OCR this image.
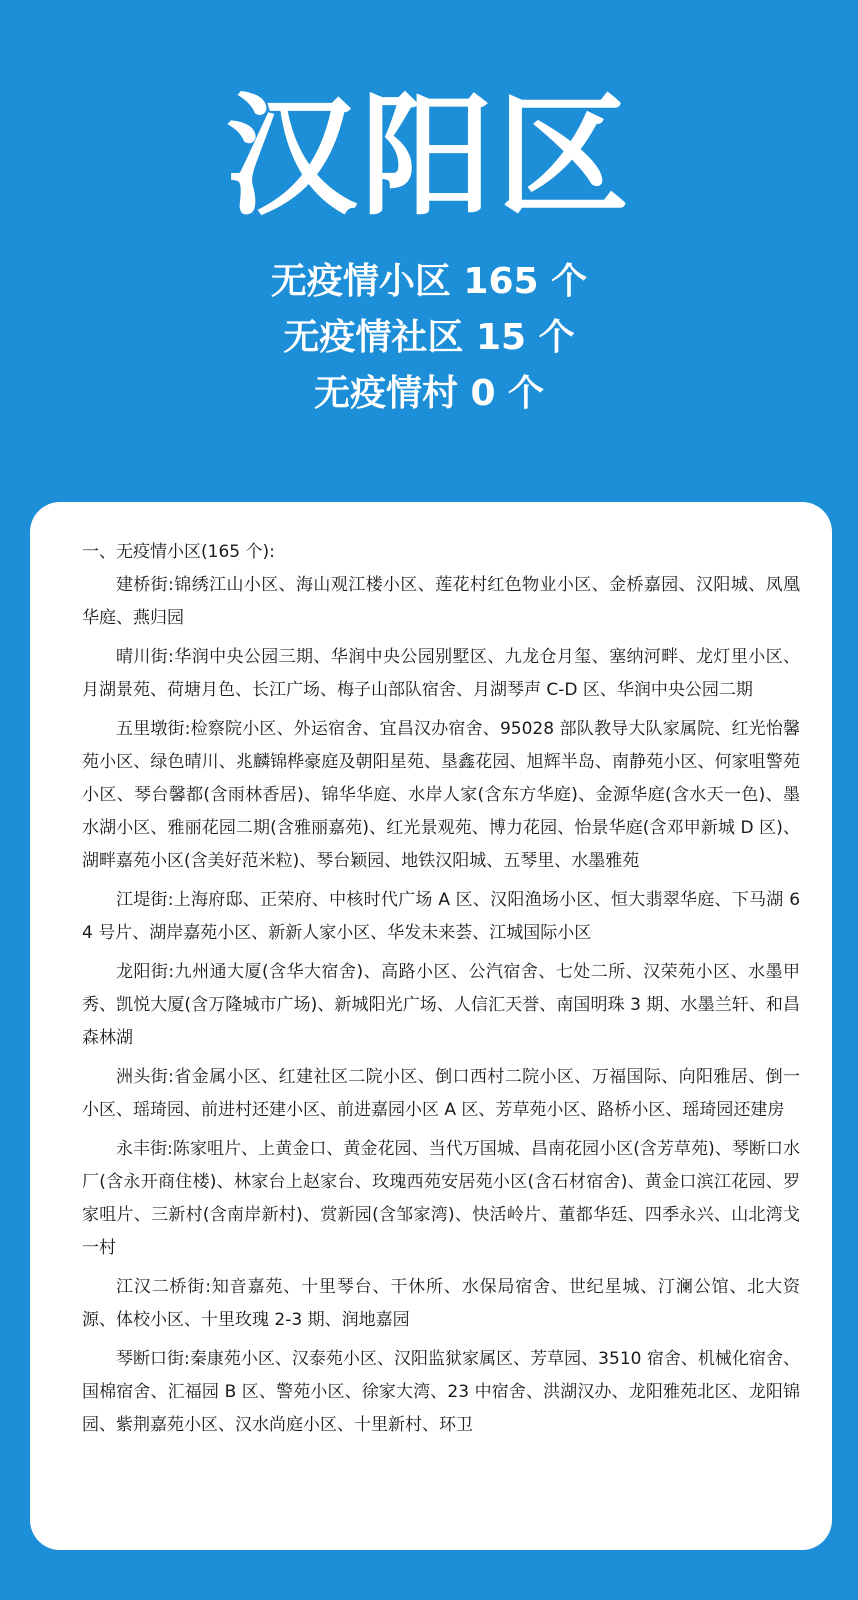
汉阳区
无疫情小区 165 个
无疫情社区 15 个
无疫情村 0 个

一、无疫情小区(165 个):

建桥街:锦绣江山小区、海山观江楼小区、莲花村红色物业小区、金桥嘉园、汉阳城、凤凰华庭、燕归园

晴川街:华润中央公园三期、华润中央公园别墅区、九龙仓月玺、塞纳河畔、龙灯里小区、月湖景苑、荷塘月色、长江广场、梅子山部队宿舍、月湖琴声 C-D 区、华润中央公园二期

五里墩街:检察院小区、外运宿舍、宜昌汉办宿舍、95028 部队教导大队家属院、红光怡馨苑小区、绿色晴川、兆麟锦桦豪庭及朝阳星苑、垦鑫花园、旭辉半岛、南静苑小区、何家咀警苑小区、琴台馨都(含雨林香居)、锦华华庭、水岸人家(含东方华庭)、金源华庭(含水天一色)、墨水湖小区、雅丽花园二期(含雅丽嘉苑)、红光景观苑、博力花园、怡景华庭(含邓甲新城 D 区)、湖畔嘉苑小区(含美好范米粒)、琴台颖园、地铁汉阳城、五琴里、水墨雅苑

江堤街:上海府邸、正荣府、中核时代广场 A 区、汉阳渔场小区、恒大翡翠华庭、下马湖 64 号片、湖岸嘉苑小区、新新人家小区、华发未来荟、江城国际小区

龙阳街:九州通大厦(含华大宿舍)、高路小区、公汽宿舍、七处二所、汉荣苑小区、水墨甲秀、凯悦大厦(含万隆城市广场)、新城阳光广场、人信汇天誉、南国明珠 3 期、水墨兰轩、和昌森林湖

洲头街:省金属小区、红建社区二院小区、倒口西村二院小区、万福国际、向阳雅居、倒一小区、瑶琦园、前进村还建小区、前进嘉园小区 A 区、芳草苑小区、路桥小区、瑶琦园还建房

永丰街:陈家咀片、上黄金口、黄金花园、当代万国城、昌南花园小区(含芳草苑)、琴断口水厂(含永开商住楼)、林家台上赵家台、玫瑰西苑安居苑小区(含石材宿舍)、黄金口滨江花园、罗家咀片、三新村(含南岸新村)、赏新园(含邹家湾)、快活岭片、董都华廷、四季永兴、山北湾戈一村

江汉二桥街:知音嘉苑、十里琴台、干休所、水保局宿舍、世纪星城、汀澜公馆、北大资源、体校小区、十里玫瑰 2-3 期、润地嘉园

琴断口街:秦康苑小区、汉泰苑小区、汉阳监狱家属区、芳草园、3510 宿舍、机械化宿舍、国棉宿舍、汇福园 B 区、警苑小区、徐家大湾、23 中宿舍、洪湖汉办、龙阳雅苑北区、龙阳锦园、紫荆嘉苑小区、汉水尚庭小区、十里新村、环卫
